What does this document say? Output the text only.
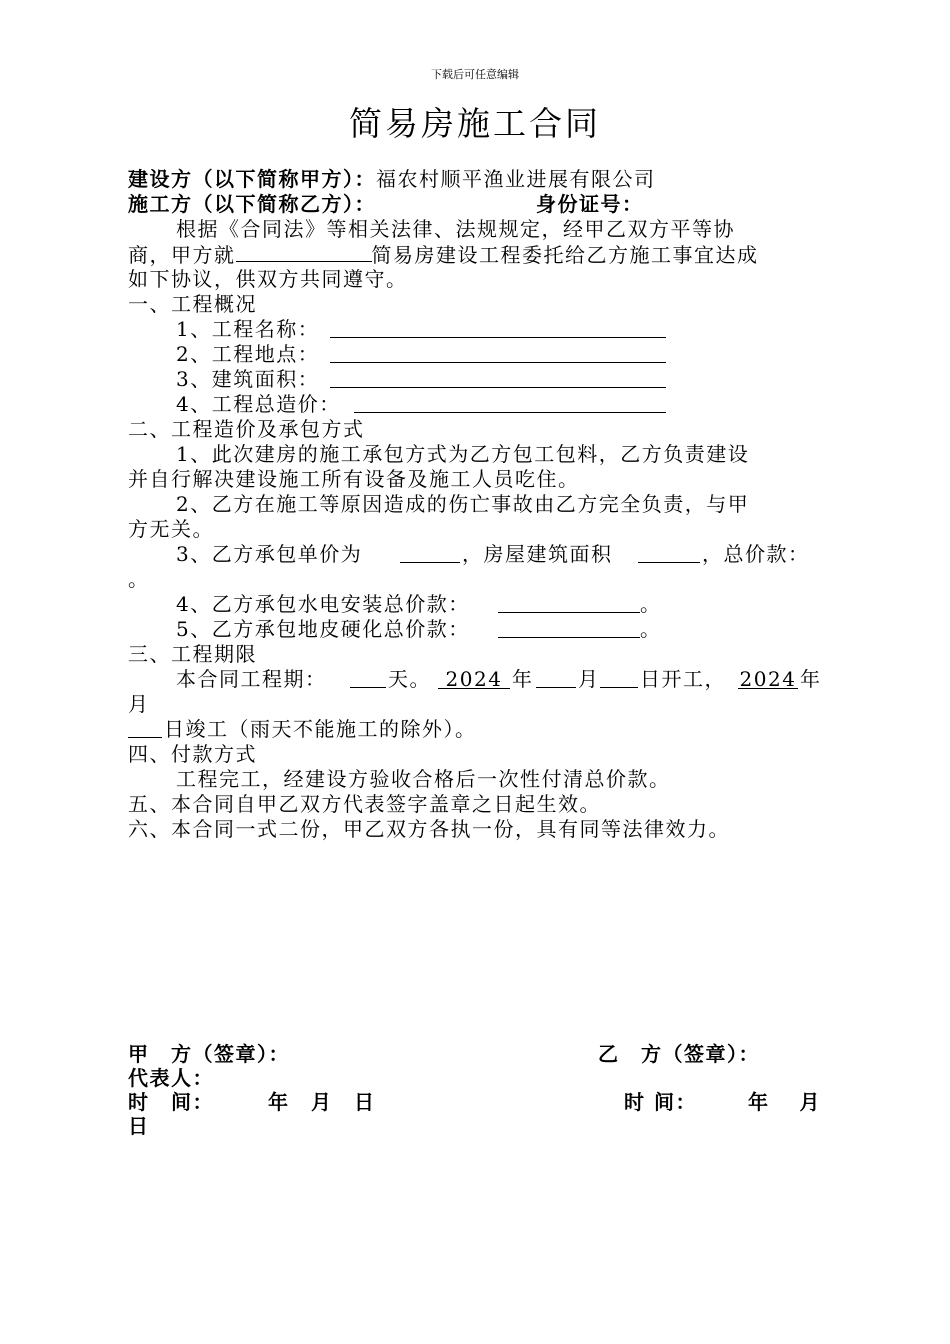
下载后可任意编辑
简易房施工合同
建设方（以下简称甲方）：福农村顺平渔业进展有限公司
施工方（以下简称乙方）：	身份证号：
根据《合同法》等相关法律、法规规定，经甲乙双方平等协
商，甲方就	简易房建设工程委托给乙方施工事宜达成
如下协议，供双方共同遵守。
一、工程概况
1、工程名称：
2、工程地点：
3、建筑面积：
4、工程总造价：
二、工程造价及承包方式
1、此次建房的施工承包方式为乙方包工包料，乙方负责建设
并自行解决建设施工所有设备及施工人员吃住。
2、乙方在施工等原因造成的伤亡事故由乙方完全负责，与甲
方无关。
3、乙方承包单价为	，房屋建筑面积	，总价款：
。
4、乙方承包水电安装总价款：	。
5、乙方承包地皮硬化总价款：	。
三、工程期限
本合同工程期：	天。 2024 年 月 日开工， 2024 年
月
日竣工（雨天不能施工的除外）。
四、付款方式
工程完工，经建设方验收合格后一次性付清总价款。
五、本合同自甲乙双方代表签字盖章之日起生效。
六、本合同一式二份，甲乙双方各执一份，具有同等法律效力。
甲　方（签章）：	乙　方（签章）：
代表人：
时　间：	年　月　日	时 间：	年　 月
日
